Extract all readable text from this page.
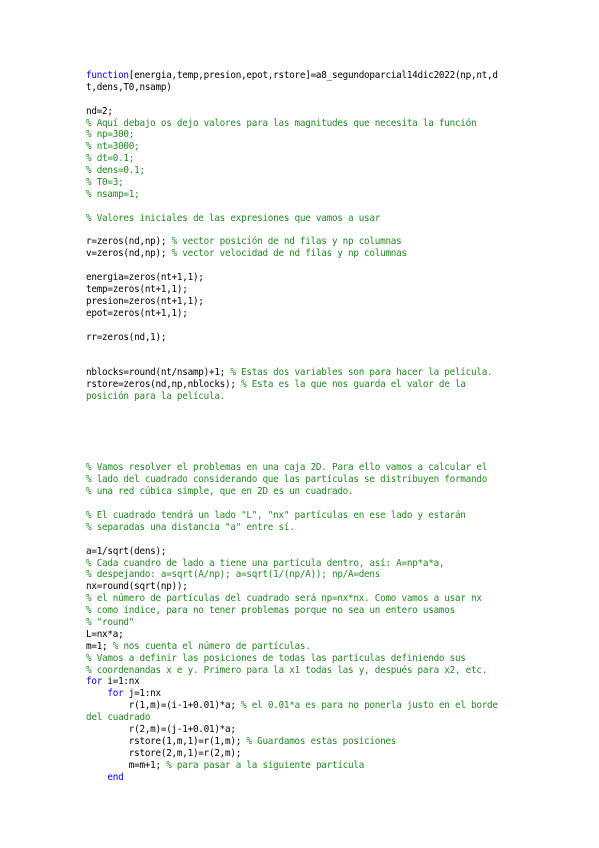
function[energia,temp,presion,epot,rstore]=a8_segundoparcial14dic2022(np,nt,d
t,dens,T0,nsamp)
nd=2;
% Aquí debajo os dejo valores para las magnitudes que necesita la función
% np=300;
% nt=3000;
% dt=0.1;
% dens=0.1;
% T0=3;
% nsamp=1;
% Valores iniciales de las expresiones que vamos a usar
r=zeros(nd,np); % vector posición de nd filas y np columnas
v=zeros(nd,np); % vector velocidad de nd filas y np columnas
energia=zeros(nt+1,1);
temp=zeros(nt+1,1);
presion=zeros(nt+1,1);
epot=zeros(nt+1,1);
rr=zeros(nd,1);
nblocks=round(nt/nsamp)+1; % Estas dos variables son para hacer la película.
rstore=zeros(nd,np,nblocks); % Esta es la que nos guarda el valor de la
posición para la película.
% Vamos resolver el problemas en una caja 2D. Para ello vamos a calcular el
% lado del cuadrado considerando que las partículas se distribuyen formando
% una red cúbica simple, que en 2D es un cuadrado.
% El cuadrado tendrá un lado "L", "nx" partículas en ese lado y estarán
% separadas una distancia "a" entre sí.
a=1/sqrt(dens);
% Cada cuandro de lado a tiene una partícula dentro, así: A=np*a*a,
% despejando: a=sqrt(A/np); a=sqrt(1/(np/A)); np/A=dens
nx=round(sqrt(np));
% el número de partículas del cuadrado será np=nx*nx. Como vamos a usar nx
% como índice, para no tener problemas porque no sea un entero usamos
% "round"
L=nx*a;
m=1; % nos cuenta el número de partículas.
% Vamos a definir las posiciones de todas las partículas definiendo sus
% coordenandas x e y. Primero para la x1 todas las y, después para x2, etc.
for i=1:nx
for j=1:nx
r(1,m)=(i-1+0.01)*a; % el 0.01*a es para no ponerla justo en el borde
del cuadrado
r(2,m)=(j-1+0.01)*a;
rstore(1,m,1)=r(1,m); % Guardamos estas posiciones
rstore(2,m,1)=r(2,m);
m=m+1; % para pasar a la siguiente partícula
end
